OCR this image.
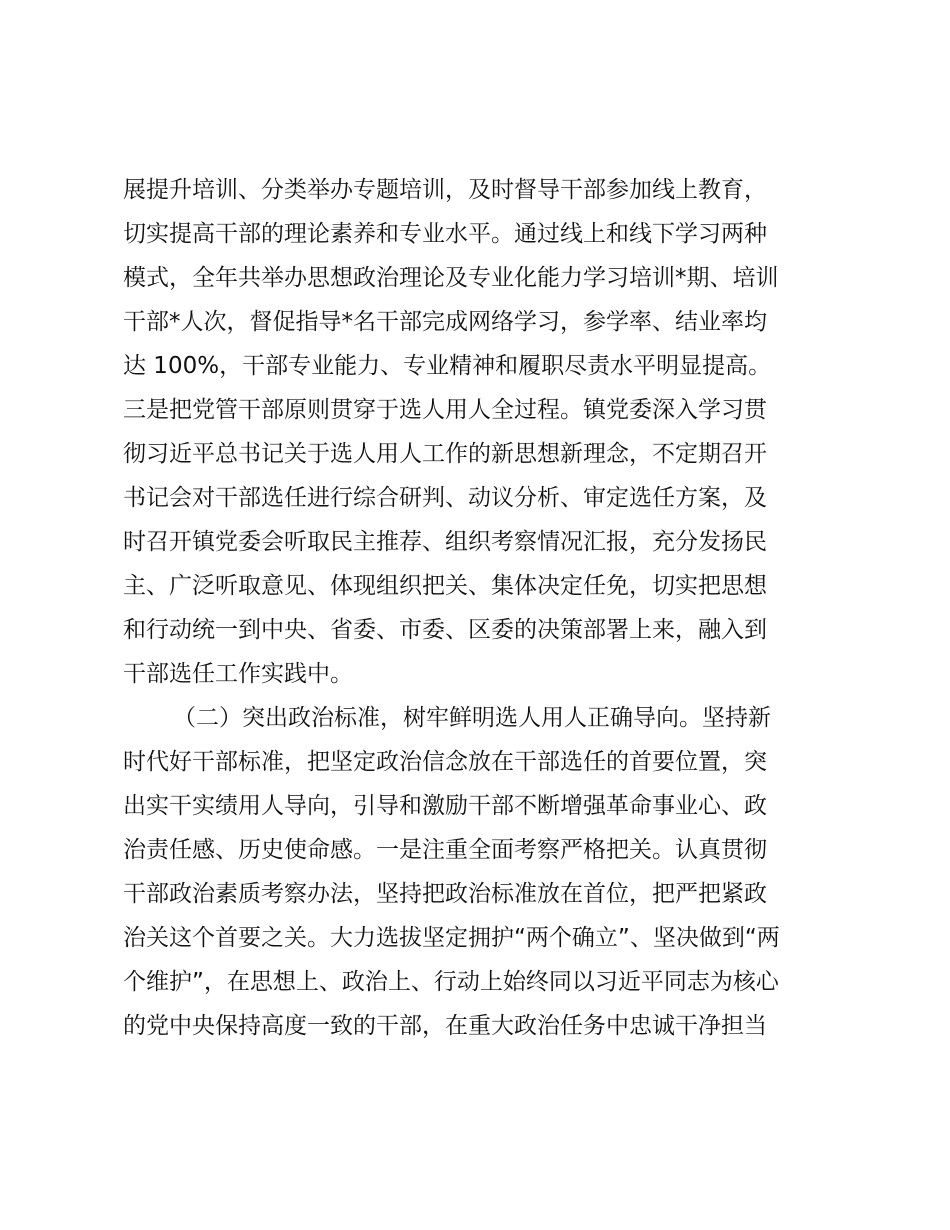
展提升培训、分类举办专题培训，及时督导干部参加线上教育，
切实提高干部的理论素养和专业水平。通过线上和线下学习两种
模式，全年共举办思想政治理论及专业化能力学习培训*期、培训
干部*人次，督促指导*名干部完成网络学习，参学率、结业率均
达 100%，干部专业能力、专业精神和履职尽责水平明显提高。
三是把党管干部原则贯穿于选人用人全过程。镇党委深入学习贯
彻习近平总书记关于选人用人工作的新思想新理念，不定期召开
书记会对干部选任进行综合研判、动议分析、审定选任方案，及
时召开镇党委会听取民主推荐、组织考察情况汇报，充分发扬民
主、广泛听取意见、体现组织把关、集体决定任免，切实把思想
和行动统一到中央、省委、市委、区委的决策部署上来，融入到
干部选任工作实践中。
（二）突出政治标准，树牢鲜明选人用人正确导向。坚持新
时代好干部标准，把坚定政治信念放在干部选任的首要位置，突
出实干实绩用人导向，引导和激励干部不断增强革命事业心、政
治责任感、历史使命感。一是注重全面考察严格把关。认真贯彻
干部政治素质考察办法，坚持把政治标准放在首位，把严把紧政
治关这个首要之关。大力选拔坚定拥护“两个确立”、坚决做到“两
个维护”，在思想上、政治上、行动上始终同以习近平同志为核心
的党中央保持高度一致的干部，在重大政治任务中忠诚干净担当
